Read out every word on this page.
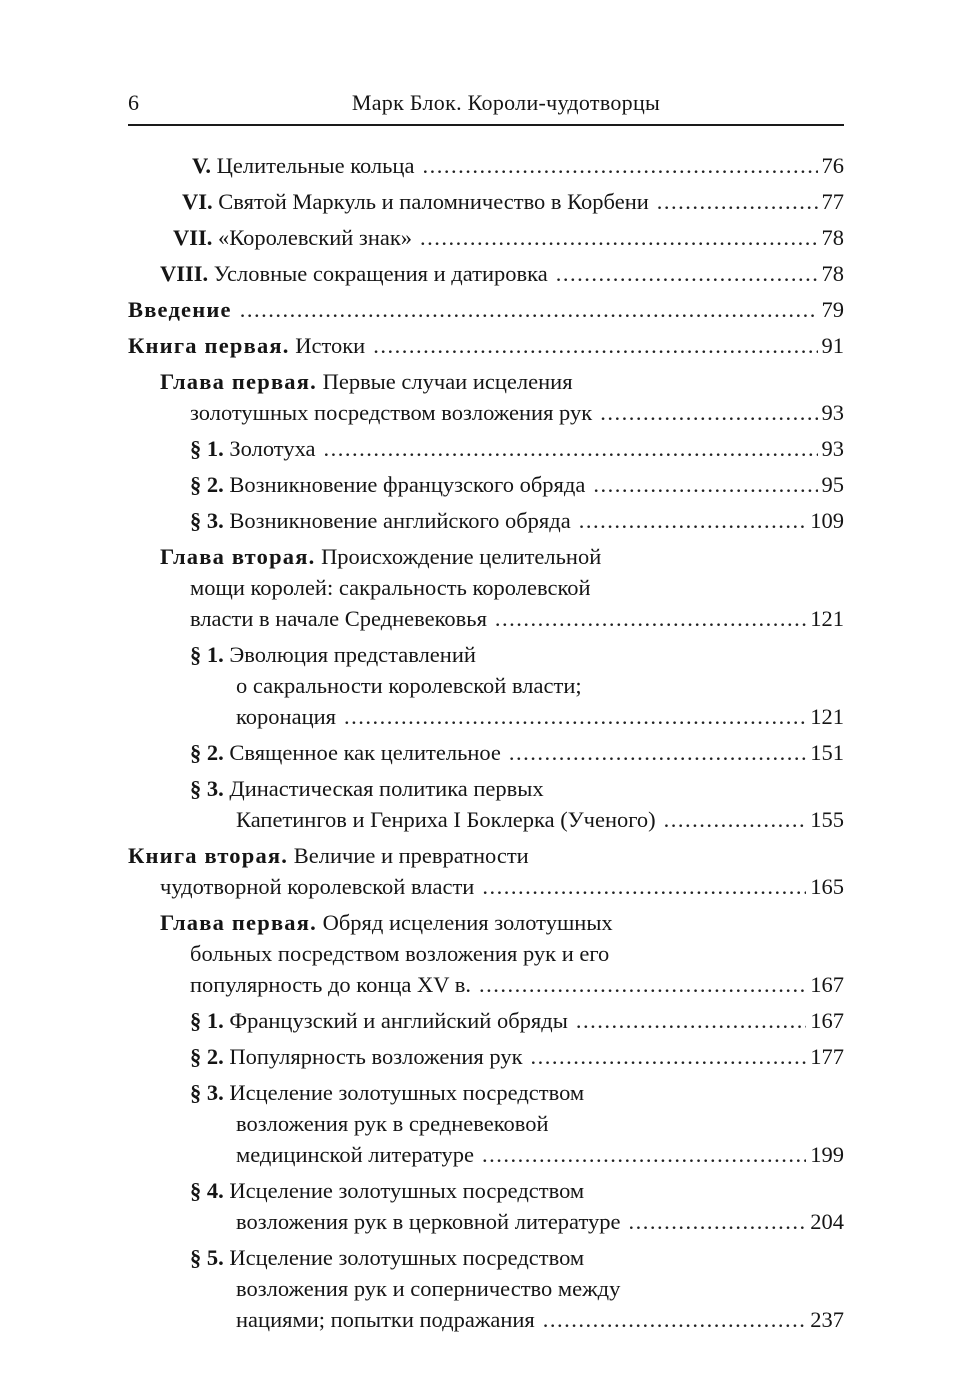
6	Марк Блок. Короли-чудотворцы
V. Целительные кольца .....	76
VI. Святой Маркуль и паломничество в Корбени .....	77
VII. «Королевский знак» .....	78
VIII. Условные сокращения и датировка .....	78
Введение .....	79
Книга первая. Истоки .....	91
Глава первая. Первые случаи исцеления
золотушных посредством возложения рук .....	93
§ 1. Золотуха .....	93
§ 2. Возникновение французского обряда .....	95
§ 3. Возникновение английского обряда .....	109
Глава вторая. Происхождение целительной
мощи королей: сакральность королевской
власти в начале Средневековья .....	121
§ 1. Эволюция представлений
о сакральности королевской власти;
коронация .....	121
§ 2. Священное как целительное .....	151
§ 3. Династическая политика первых
Капетингов и Генриха I Боклерка (Ученого) .....	155
Книга вторая. Величие и превратности
чудотворной королевской власти .....	165
Глава первая. Обряд исцеления золотушных
больных посредством возложения рук и его
популярность до конца XV в. .....	167
§ 1. Французский и английский обряды .....	167
§ 2. Популярность возложения рук .....	177
§ 3. Исцеление золотушных посредством
возложения рук в средневековой
медицинской литературе .....	199
§ 4. Исцеление золотушных посредством
возложения рук в церковной литературе .....	204
§ 5. Исцеление золотушных посредством
возложения рук и соперничество между
нациями; попытки подражания .....	237
